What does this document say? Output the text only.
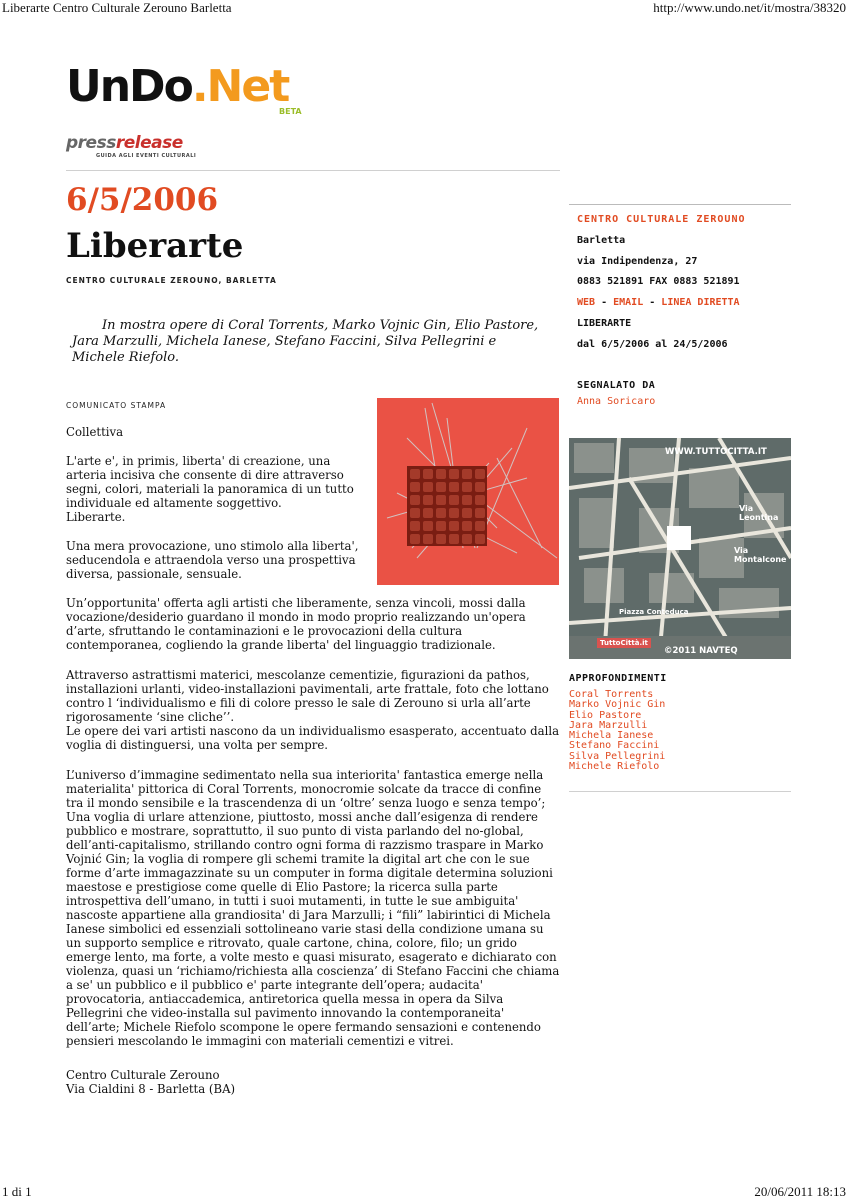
Liberarte Centro Culturale Zerouno Barletta	http://www.undo.net/it/mostra/38320
1 di 1	20/06/2011 18:13
UnDo.Net
BETA
pressrelease
GUIDA AGLI EVENTI CULTURALI
6/5/2006
Liberarte
CENTRO CULTURALE ZEROUNO, BARLETTA
In mostra opere di Coral Torrents, Marko Vojnic Gin, Elio Pastore,
Jara Marzulli, Michela Ianese, Stefano Faccini, Silva Pellegrini e
Michele Riefolo.
COMUNICATO STAMPA
Collettiva
L'arte e', in primis, liberta' di creazione, una
arteria incisiva che consente di dire attraverso
segni, colori, materiali la panoramica di un tutto
individuale ed altamente soggettivo.
Liberarte.
Una mera provocazione, uno stimolo alla liberta',
seducendola e attraendola verso una prospettiva
diversa, passionale, sensuale.
Un’opportunita' offerta agli artisti che liberamente, senza vincoli, mossi dalla
vocazione/desiderio guardano il mondo in modo proprio realizzando un'opera
d’arte, sfruttando le contaminazioni e le provocazioni della cultura
contemporanea, cogliendo la grande liberta' del linguaggio tradizionale.
Attraverso astrattismi materici, mescolanze cementizie, figurazioni da pathos,
installazioni urlanti, video-installazioni pavimentali, arte frattale, foto che lottano
contro l ‘individualismo e fili di colore presso le sale di Zerouno si urla all’arte
rigorosamente ‘sine cliche’’.
Le opere dei vari artisti nascono da un individualismo esasperato, accentuato dalla
voglia di distinguersi, una volta per sempre.
L’universo d’immagine sedimentato nella sua interiorita' fantastica emerge nella
materialita' pittorica di Coral Torrents, monocromie solcate da tracce di confine
tra il mondo sensibile e la trascendenza di un ‘oltre’ senza luogo e senza tempo’;
Una voglia di urlare attenzione, piuttosto, mossi anche dall’esigenza di rendere
pubblico e mostrare, soprattutto, il suo punto di vista parlando del no-global,
dell’anti-capitalismo, strillando contro ogni forma di razzismo traspare in Marko
Vojnić Gin; la voglia di rompere gli schemi tramite la digital art che con le sue
forme d’arte immagazzinate su un computer in forma digitale determina soluzioni
maestose e prestigiose come quelle di Elio Pastore; la ricerca sulla parte
introspettiva dell’umano, in tutti i suoi mutamenti, in tutte le sue ambiguita'
nascoste appartiene alla grandiosita' di Jara Marzulli; i “fili” labirintici di Michela
Ianese simbolici ed essenziali sottolineano varie stasi della condizione umana su
un supporto semplice e ritrovato, quale cartone, china, colore, filo; un grido
emerge lento, ma forte, a volte mesto e quasi misurato, esagerato e dichiarato con
violenza, quasi un ‘richiamo/richiesta alla coscienza’ di Stefano Faccini che chiama
a se' un pubblico e il pubblico e' parte integrante dell’opera; audacita'
provocatoria, antiaccademica, antiretorica quella messa in opera da Silva
Pellegrini che video-installa sul pavimento innovando la contemporaneita'
dell’arte; Michele Riefolo scompone le opere fermando sensazioni e contenendo
pensieri mescolando le immagini con materiali cementizi e vitrei.
Centro Culturale Zerouno
Via Cialdini 8 - Barletta (BA)
CENTRO CULTURALE ZEROUNO
Barletta
via Indipendenza, 27
0883 521891 FAX 0883 521891
WEB - EMAIL - LINEA DIRETTA
LIBERARTE
dal 6/5/2006 al 24/5/2006
SEGNALATO DA
Anna Soricaro
WWW.TUTTOCITTA.IT
TuttoCittà.it
©2011 NAVTEQ
Via Leontina
Via Montalcone
Piazza Conteduca
APPROFONDIMENTI
Coral Torrents
Marko Vojnic Gin
Elio Pastore
Jara Marzulli
Michela Ianese
Stefano Faccini
Silva Pellegrini
Michele Riefolo
